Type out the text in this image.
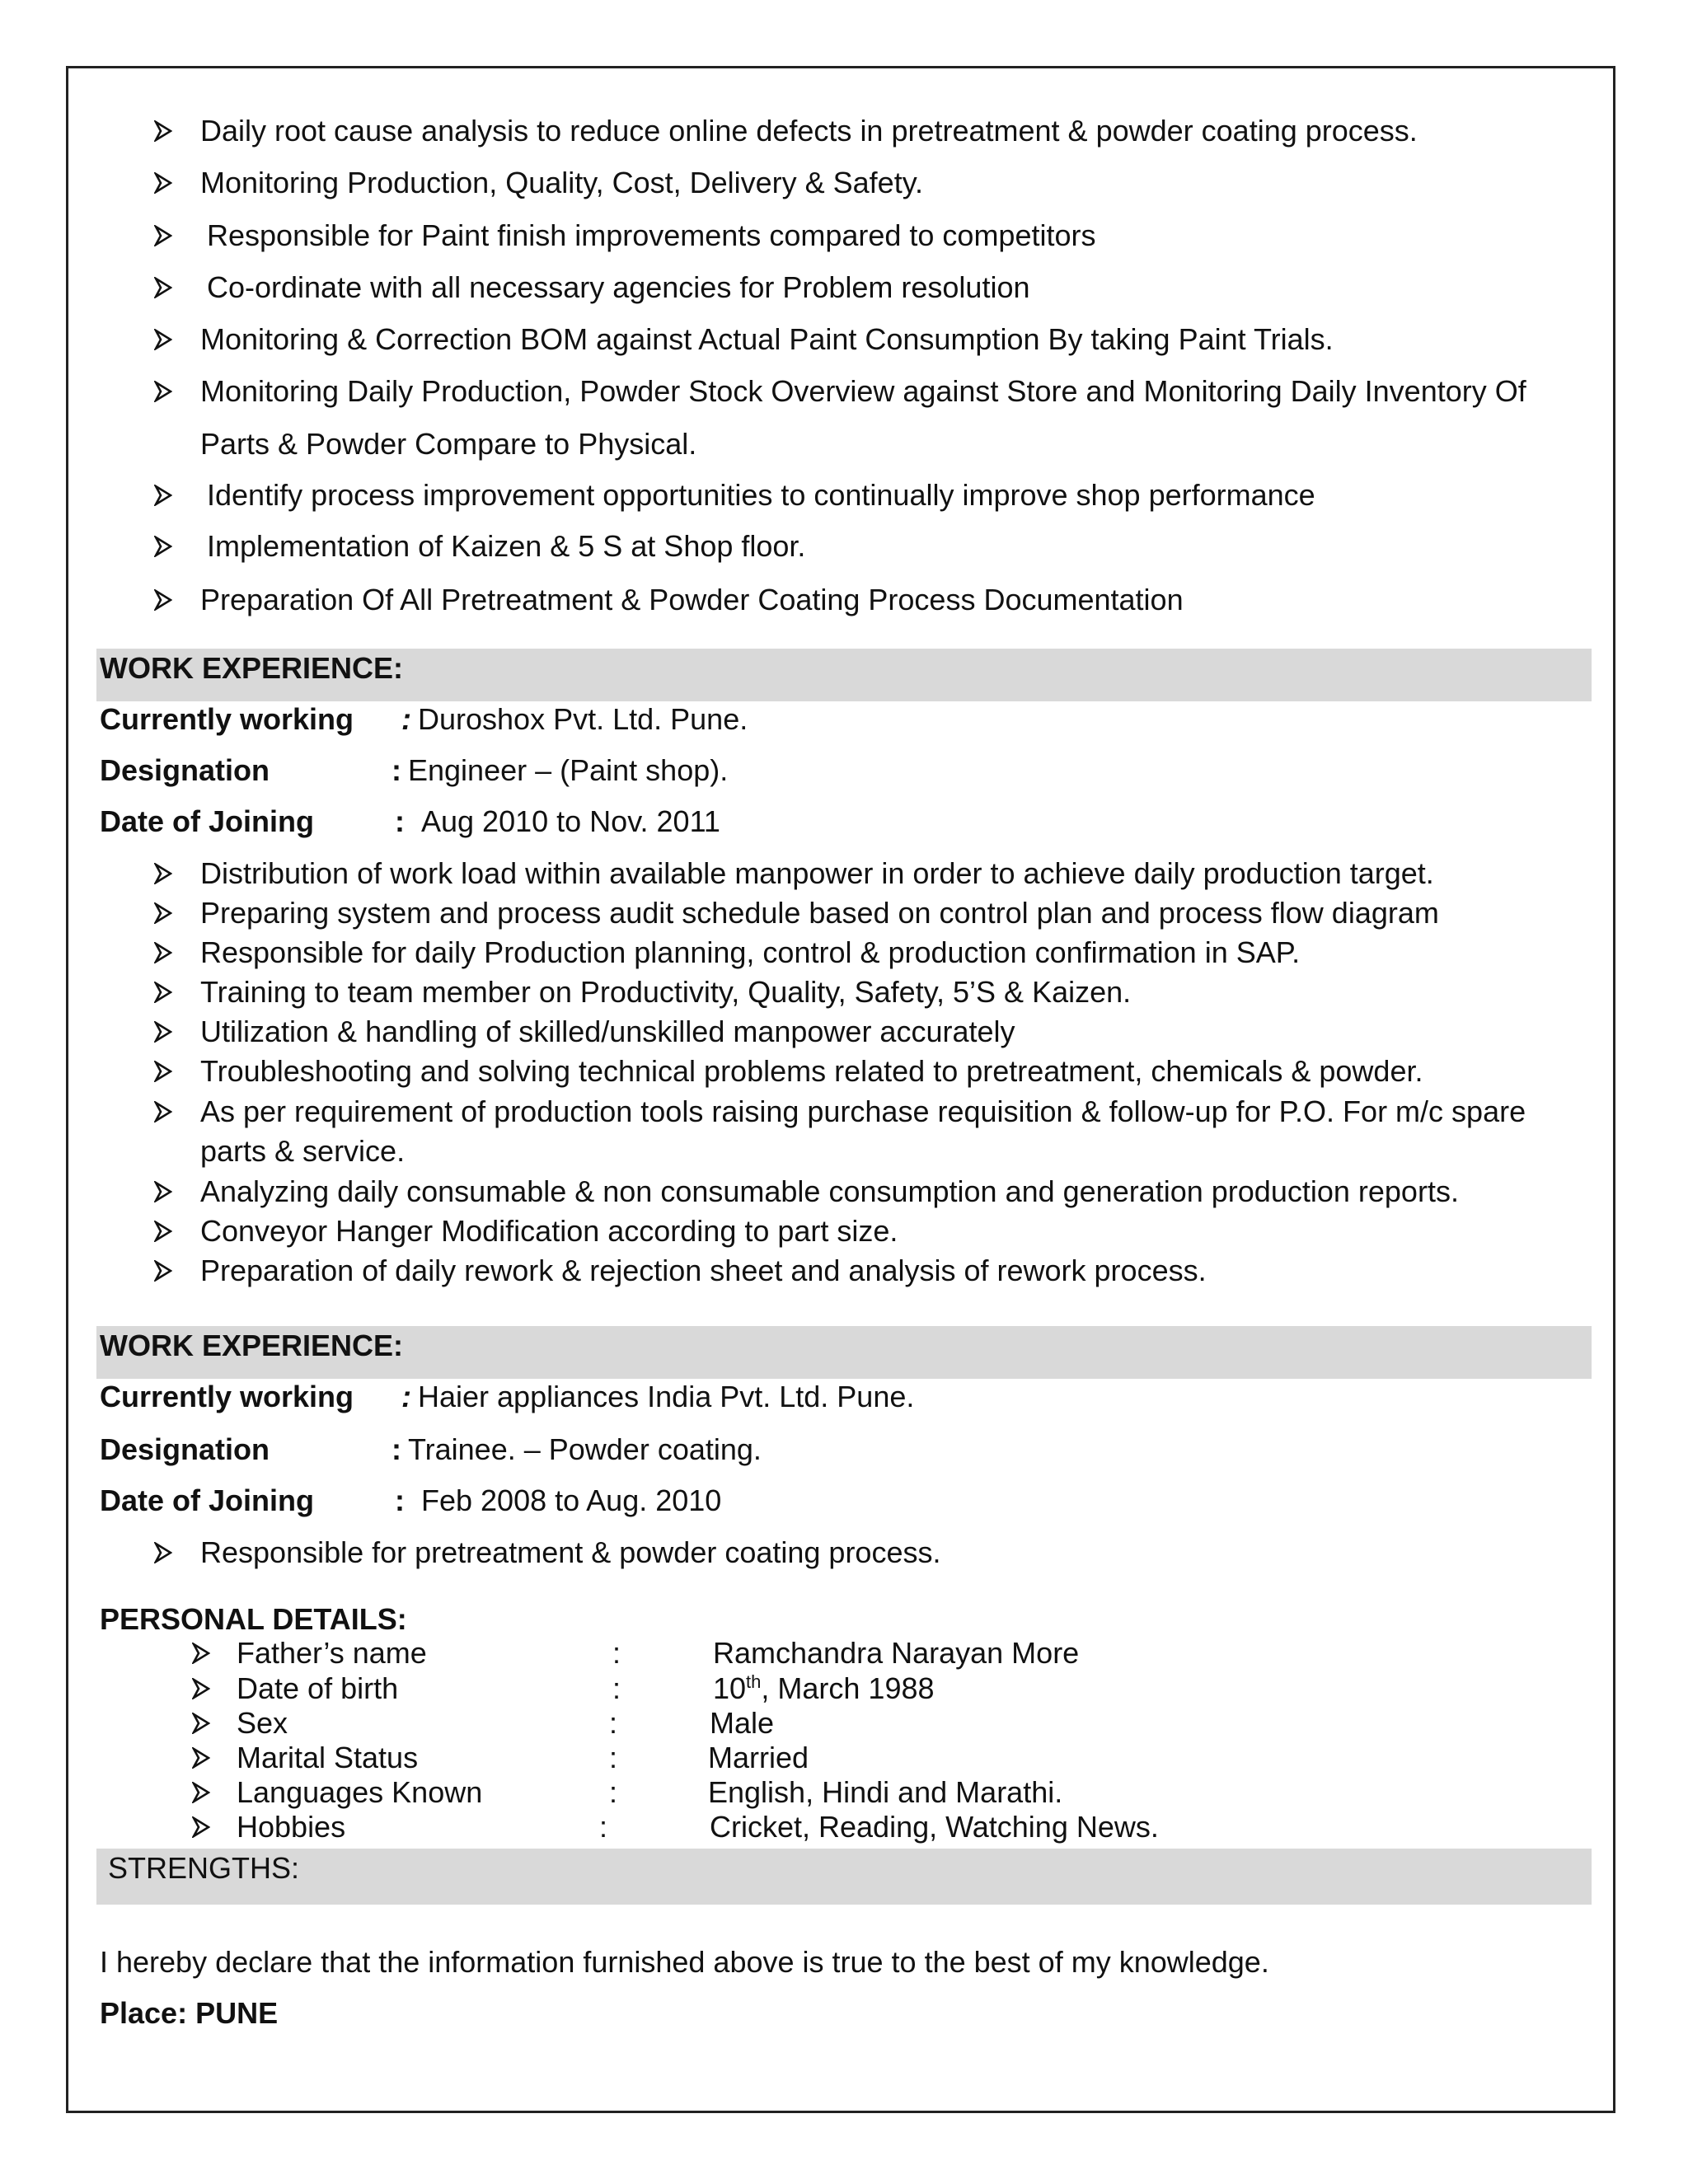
Daily root cause analysis to reduce online defects in pretreatment & powder coating process.
Monitoring Production, Quality, Cost, Delivery & Safety.
Responsible for Paint finish improvements compared to competitors
Co-ordinate with all necessary agencies for Problem resolution
Monitoring & Correction BOM against Actual Paint Consumption By taking Paint Trials.
Monitoring Daily Production, Powder Stock Overview against Store and Monitoring Daily Inventory Of
Parts & Powder Compare to Physical.
Identify process improvement opportunities to continually improve shop performance
Implementation of Kaizen & 5 S at Shop floor.
Preparation Of All Pretreatment & Powder Coating Process Documentation
WORK EXPERIENCE:
Currently working : Duroshox Pvt. Ltd. Pune.
Designation	: Engineer – (Paint shop).
Date of Joining	: Aug 2010 to Nov. 2011
Distribution of work load within available manpower in order to achieve daily production target.
Preparing system and process audit schedule based on control plan and process flow diagram
Responsible for daily Production planning, control & production confirmation in SAP.
Training to team member on Productivity, Quality, Safety, 5’S & Kaizen.
Utilization & handling of skilled/unskilled manpower accurately
Troubleshooting and solving technical problems related to pretreatment, chemicals & powder.
As per requirement of production tools raising purchase requisition & follow-up for P.O. For m/c spare
parts & service.
Analyzing daily consumable & non consumable consumption and generation production reports.
Conveyor Hanger Modification according to part size.
Preparation of daily rework & rejection sheet and analysis of rework process.
WORK EXPERIENCE:
Currently working : Haier appliances India Pvt. Ltd. Pune.
Designation	: Trainee. – Powder coating.
Date of Joining	: Feb 2008 to Aug. 2010
Responsible for pretreatment & powder coating process.
PERSONAL DETAILS:
Father’s name	:	Ramchandra Narayan More
Date of birth	:	10th, March 1988
Sex	:	Male
Marital Status	:	Married
Languages Known	:	English, Hindi and Marathi.
Hobbies	:	Cricket, Reading, Watching News.
STRENGTHS:
I hereby declare that the information furnished above is true to the best of my knowledge.
Place: PUNE
